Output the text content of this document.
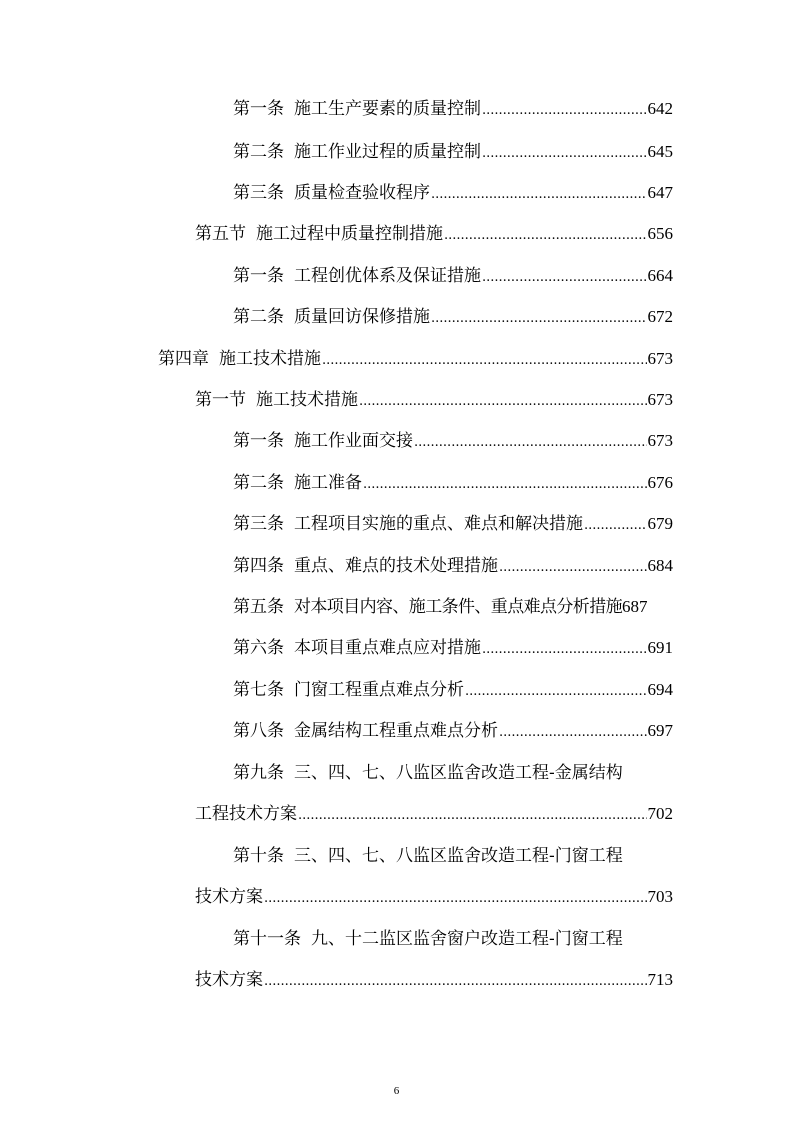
第一条 施工生产要素的质量控制 .....	642
第二条 施工作业过程的质量控制 .....	645
第三条 质量检查验收程序 .....	647
第五节 施工过程中质量控制措施 .....	656
第一条 工程创优体系及保证措施 .....	664
第二条 质量回访保修措施 .....	672
第四章 施工技术措施 .....	673
第一节 施工技术措施 .....	673
第一条 施工作业面交接 .....	673
第二条 施工准备 .....	676
第三条 工程项目实施的重点、难点和解决措施 .....	679
第四条 重点、难点的技术处理措施 .....	684
第五条 对本项目内容、施工条件、重点难点分析措施 687
第六条 本项目重点难点应对措施 .....	691
第七条 门窗工程重点难点分析 .....	694
第八条 金属结构工程重点难点分析 .....	697
第九条 三、四、七、八监区监舍改造工程-金属结构
工程技术方案 .....	702
第十条 三、四、七、八监区监舍改造工程-门窗工程
技术方案 .....	703
第十一条 九、十二监区监舍窗户改造工程-门窗工程
技术方案 .....	713
6
